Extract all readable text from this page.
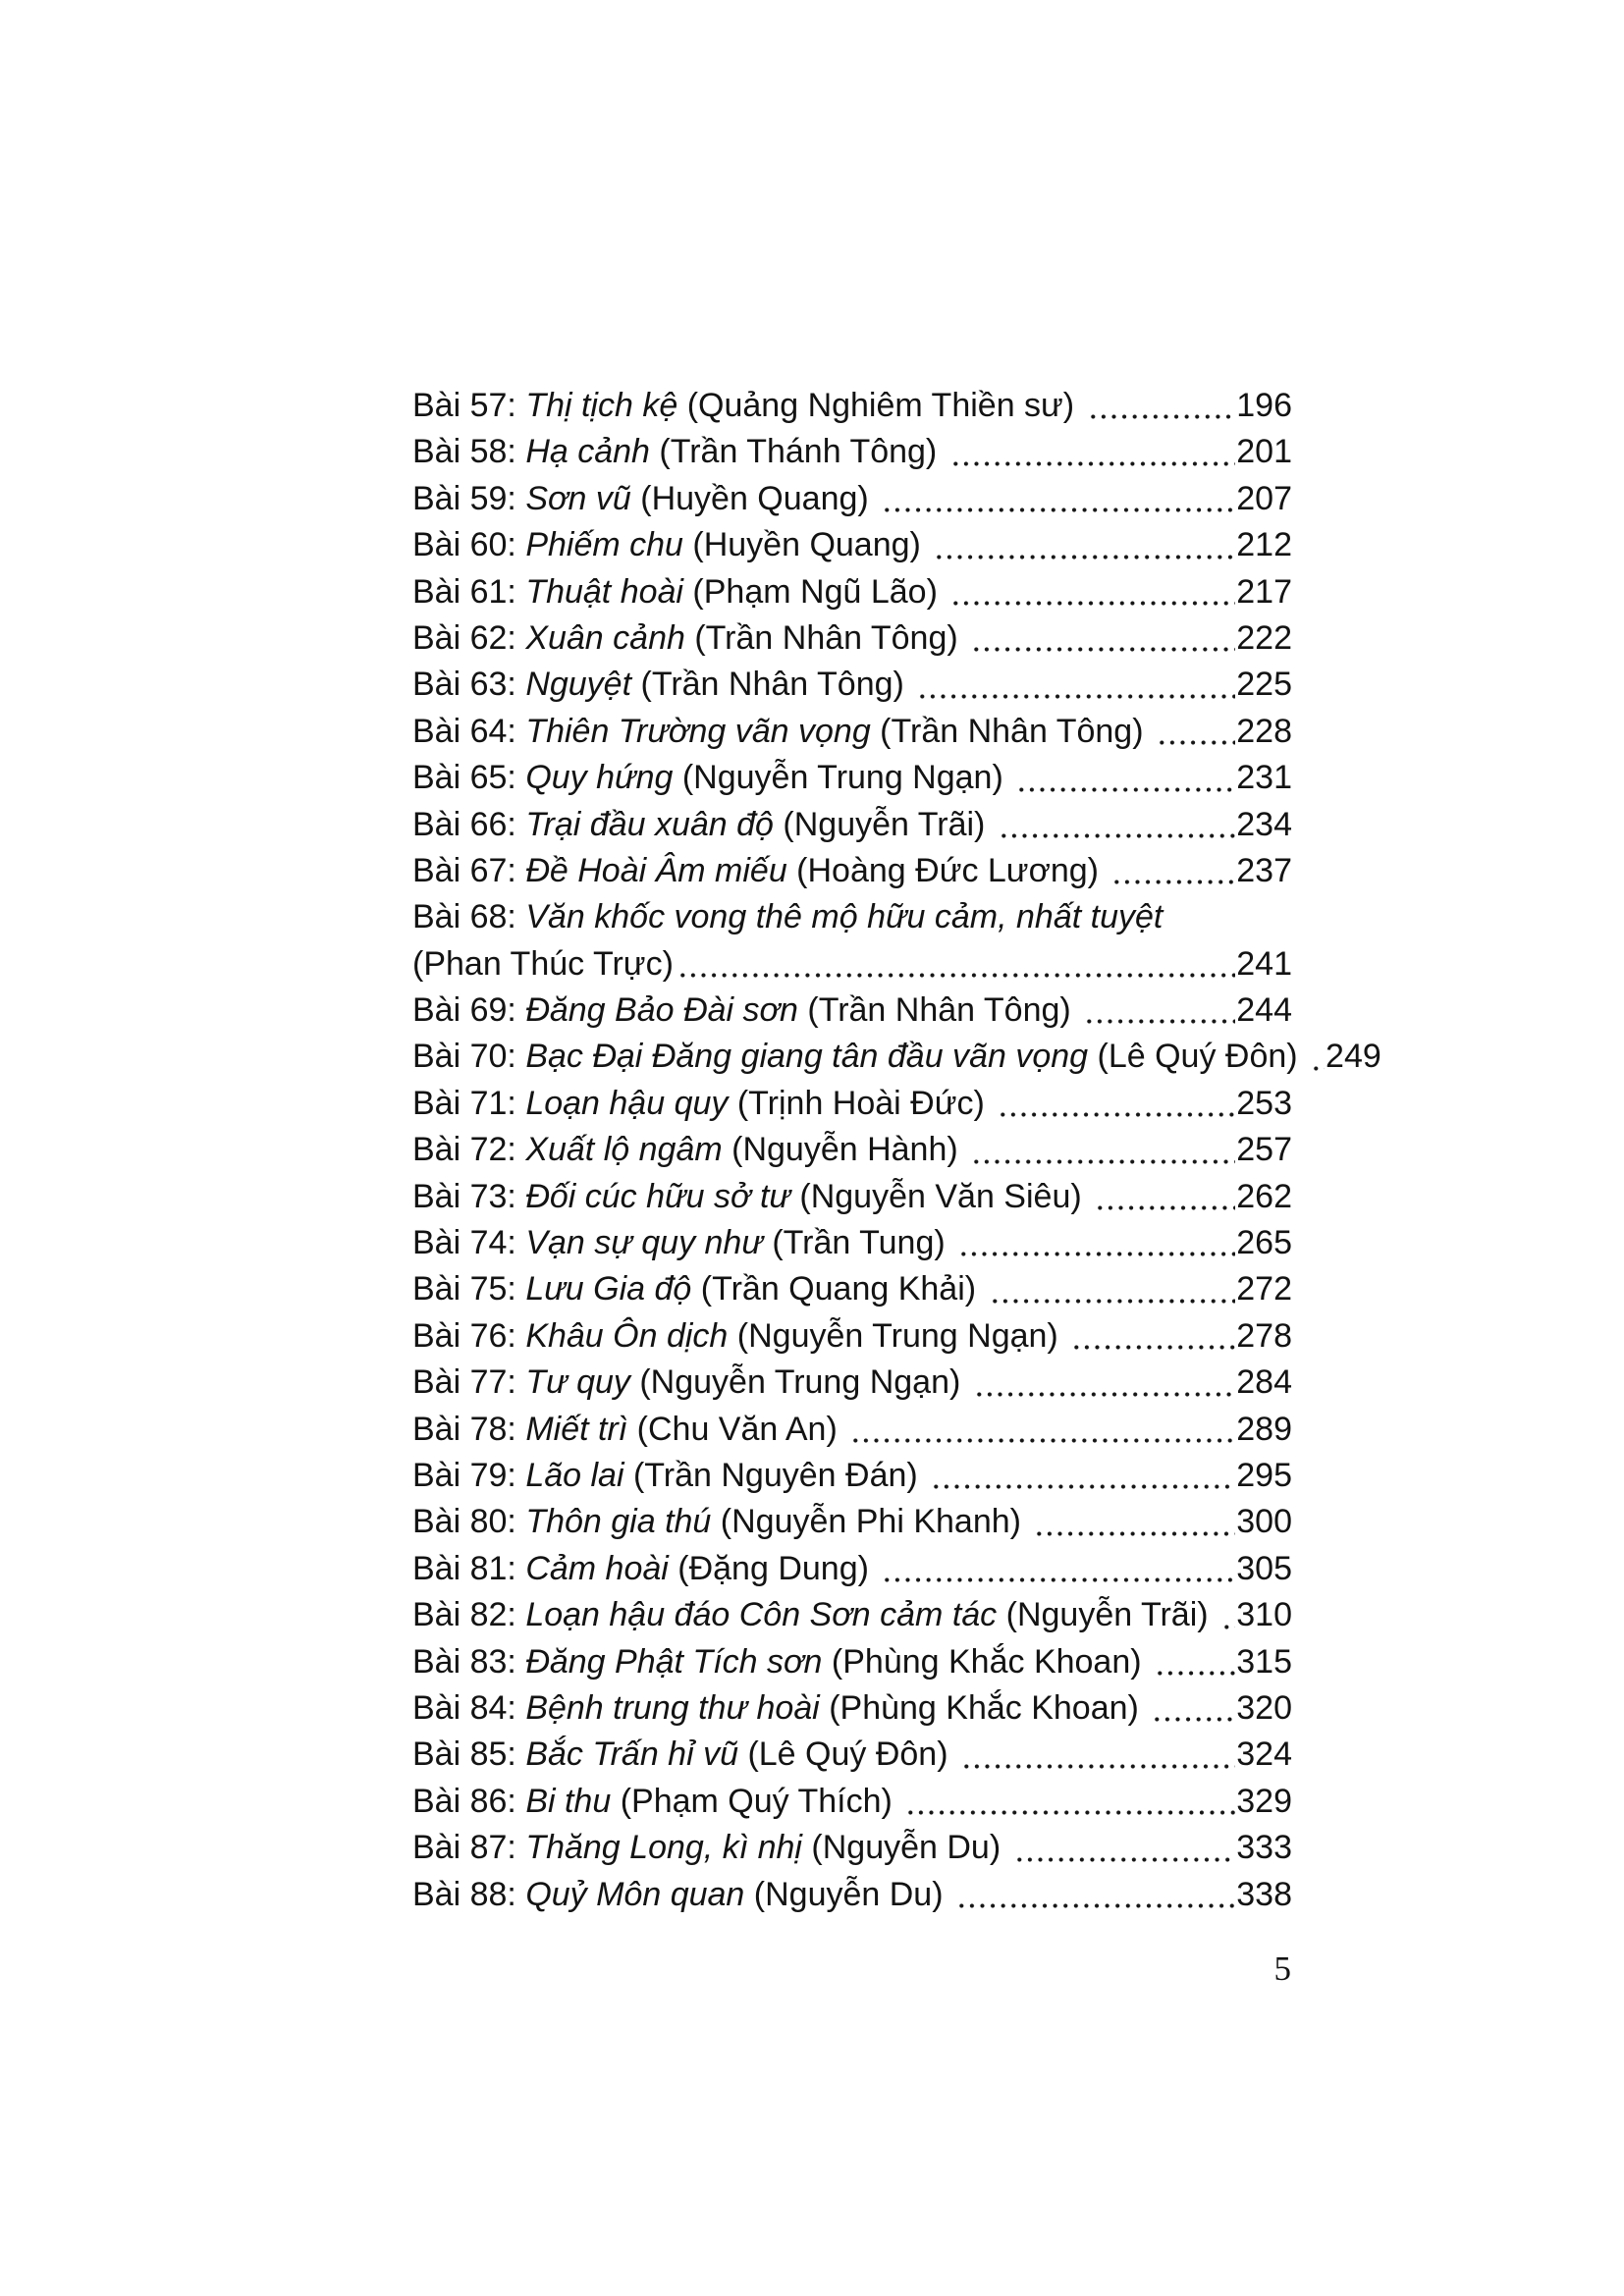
Bài 57: Thị tịch kệ (Quảng Nghiêm Thiền sư)	196
Bài 58: Hạ cảnh (Trần Thánh Tông)	201
Bài 59: Sơn vũ (Huyền Quang)	207
Bài 60: Phiếm chu (Huyền Quang)	212
Bài 61: Thuật hoài (Phạm Ngũ Lão)	217
Bài 62: Xuân cảnh (Trần Nhân Tông)	222
Bài 63: Nguyệt (Trần Nhân Tông)	225
Bài 64: Thiên Trường vãn vọng (Trần Nhân Tông)	228
Bài 65: Quy hứng (Nguyễn Trung Ngạn)	231
Bài 66: Trại đầu xuân độ (Nguyễn Trãi)	234
Bài 67: Đề Hoài Âm miếu (Hoàng Đức Lương)	237
Bài 68: Văn khốc vong thê mộ hữu cảm, nhất tuyệt
(Phan Thúc Trực)	241
Bài 69: Đăng Bảo Đài sơn (Trần Nhân Tông)	244
Bài 70: Bạc Đại Đăng giang tân đầu vãn vọng (Lê Quý Đôn) 249
Bài 71: Loạn hậu quy (Trịnh Hoài Đức)	253
Bài 72: Xuất lộ ngâm (Nguyễn Hành)	257
Bài 73: Đối cúc hữu sở tư (Nguyễn Văn Siêu)	262
Bài 74: Vạn sự quy như (Trần Tung)	265
Bài 75: Lưu Gia độ (Trần Quang Khải)	272
Bài 76: Khâu Ôn dịch (Nguyễn Trung Ngạn)	278
Bài 77: Tư quy (Nguyễn Trung Ngạn)	284
Bài 78: Miết trì (Chu Văn An)	289
Bài 79: Lão lai (Trần Nguyên Đán)	295
Bài 80: Thôn gia thú (Nguyễn Phi Khanh)	300
Bài 81: Cảm hoài (Đặng Dung)	305
Bài 82: Loạn hậu đáo Côn Sơn cảm tác (Nguyễn Trãi) 310
Bài 83: Đăng Phật Tích sơn (Phùng Khắc Khoan)	315
Bài 84: Bệnh trung thư hoài (Phùng Khắc Khoan)	320
Bài 85: Bắc Trấn hỉ vũ (Lê Quý Đôn)	324
Bài 86: Bi thu (Phạm Quý Thích)	329
Bài 87: Thăng Long, kì nhị (Nguyễn Du)	333
Bài 88: Quỷ Môn quan (Nguyễn Du)	338
5
